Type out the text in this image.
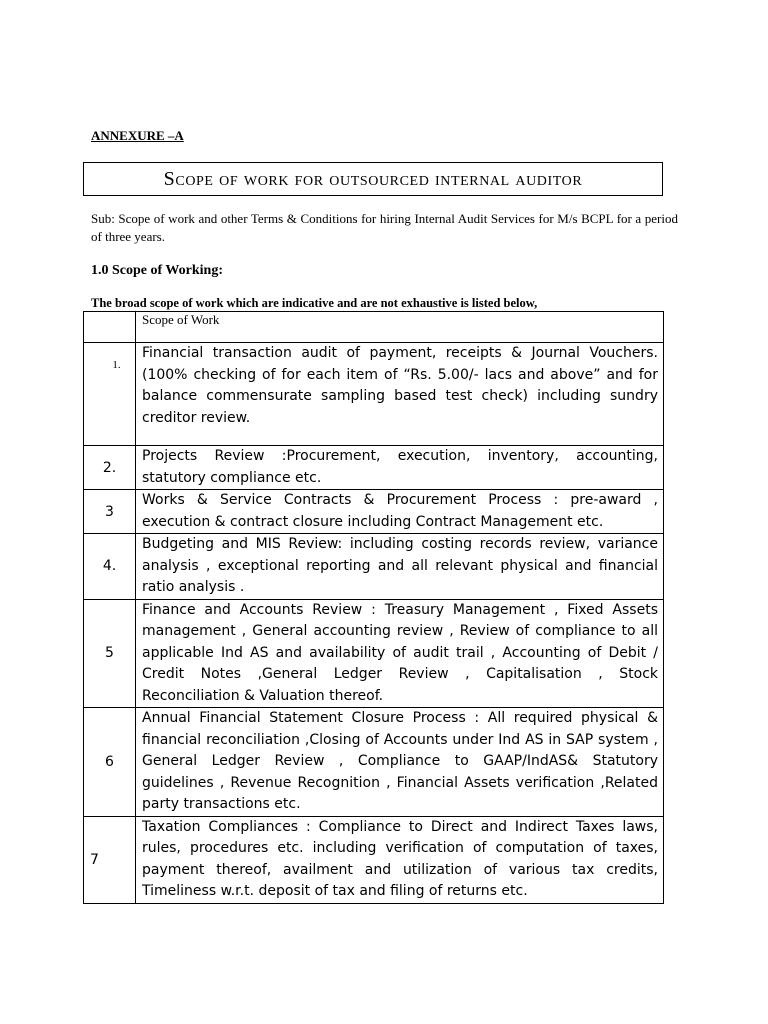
ANNEXURE –A
Scope of work for outsourced internal auditor
Sub: Scope of work and other Terms & Conditions for hiring Internal Audit Services for M/s BCPL for a period of three years.
1.0 Scope of Working:
The broad scope of work which are indicative and are not exhaustive is listed below,
	Scope of Work
1.	Financial transaction audit of payment, receipts & Journal Vouchers. (100% checking of for each item of “Rs. 5.00/- lacs and above” and for balance commensurate sampling based test check) including sundry creditor review.
2.	Projects Review :Procurement, execution, inventory, accounting, statutory compliance etc.
3	Works & Service Contracts & Procurement Process : pre-award , execution & contract closure including Contract Management etc.
4.	Budgeting and MIS Review: including costing records review, variance analysis , exceptional reporting and all relevant physical and financial ratio analysis .
5	Finance and Accounts Review : Treasury Management , Fixed Assets management , General accounting review , Review of compliance to all applicable Ind AS and availability of audit trail , Accounting of Debit / Credit Notes ,General Ledger Review , Capitalisation , Stock Reconciliation & Valuation thereof.
6	Annual Financial Statement Closure Process : All required physical & financial reconciliation ,Closing of Accounts under Ind AS in SAP system , General Ledger Review , Compliance to GAAP/IndAS& Statutory guidelines , Revenue Recognition , Financial Assets verification ,Related party transactions etc.
7	Taxation Compliances : Compliance to Direct and Indirect Taxes laws, rules, procedures etc. including verification of computation of taxes, payment thereof, availment and utilization of various tax credits, Timeliness w.r.t. deposit of tax and filing of returns etc.
